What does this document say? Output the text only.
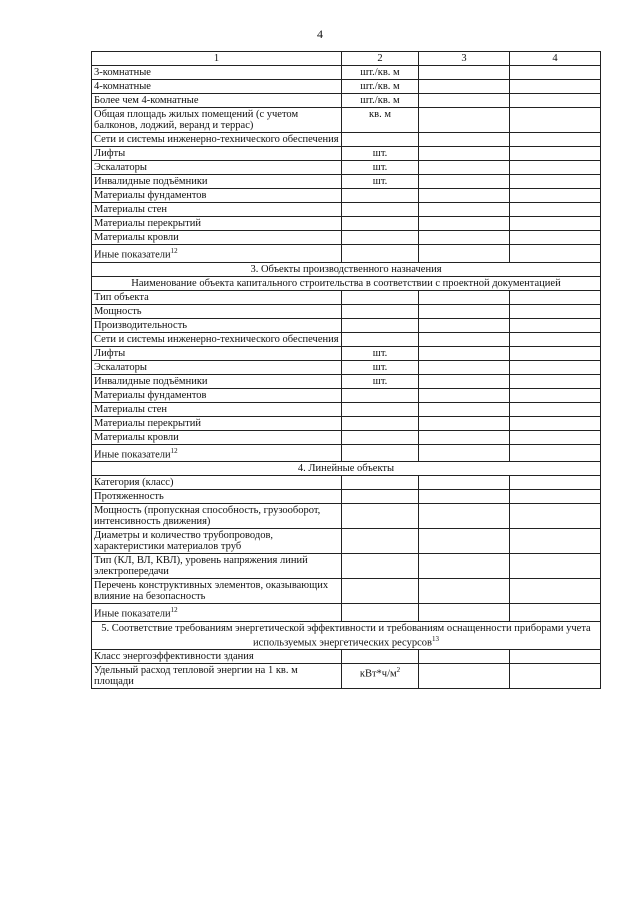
4
1	2	3	4
3-комнатные	шт./кв. м		
4-комнатные	шт./кв. м		
Более чем 4-комнатные	шт./кв. м		
Общая площадь жилых помещений (с учетом балконов, лоджий, веранд и террас)	кв. м		
Сети и системы инженерно-технического обеспечения			
Лифты	шт.		
Эскалаторы	шт.		
Инвалидные подъёмники	шт.		
Материалы фундаментов			
Материалы стен			
Материалы перекрытий			
Материалы кровли			
Иные показатели$^{12}$			
3. Объекты производственного назначения			
Наименование объекта капитального строительства в соответствии с проектной документацией			
Тип объекта			
Мощность			
Производительность			
Сети и системы инженерно-технического обеспечения			
Лифты	шт.		
Эскалаторы	шт.		
Инвалидные подъёмники	шт.		
Материалы фундаментов			
Материалы стен			
Материалы перекрытий			
Материалы кровли			
Иные показатели$^{12}$			
4. Линейные объекты			
Категория (класс)			
Протяженность			
Мощность (пропускная способность, грузооборот, интенсивность движения)			
Диаметры и количество трубопроводов, характеристики материалов труб			
Тип (КЛ, ВЛ, КВЛ), уровень напряжения линий электропередачи			
Перечень конструктивных элементов, оказывающих влияние на безопасность			
Иные показатели$^{12}$			
5. Соответствие требованиям энергетической эффективности и требованиям оснащенности приборами учета используемых энергетических ресурсов$^{13}$
Класс энергоэффективности здания			
Удельный расход тепловой энергии на 1 кв. м площади	$кВт*ч/м^2$		
